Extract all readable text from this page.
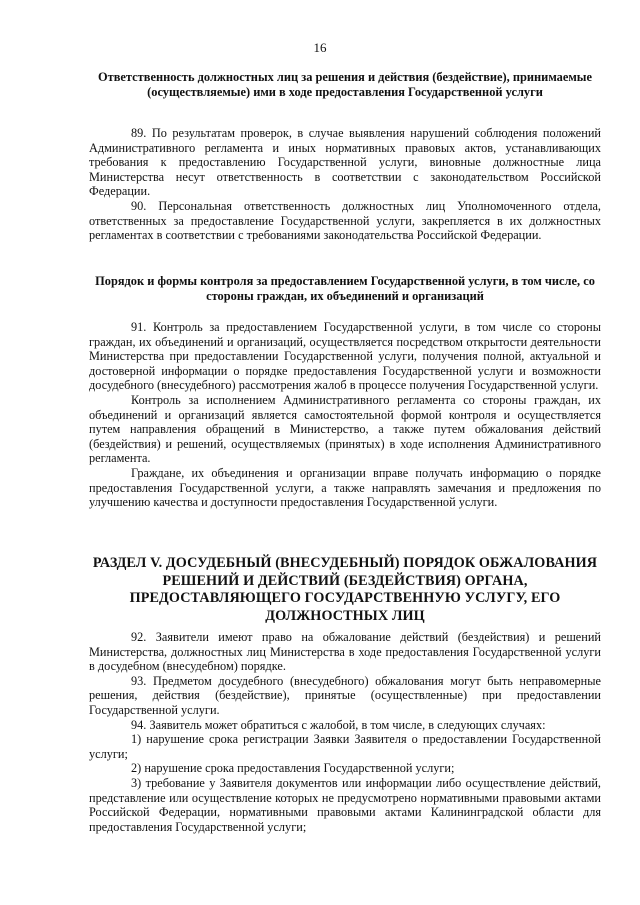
16

Ответственность должностных лиц за решения и действия (бездействие), принимаемые (осуществляемые) ими в ходе предоставления Государственной услуги

89. По результатам проверок, в случае выявления нарушений соблюдения положений Административного регламента и иных нормативных правовых актов, устанавливающих требования к предоставлению Государственной услуги, виновные должностные лица Министерства несут ответственность в соответствии с законодательством Российской Федерации.

90. Персональная ответственность должностных лиц Уполномоченного отдела, ответственных за предоставление Государственной услуги, закрепляется в их должностных регламентах в соответствии с требованиями законодательства Российской Федерации.

Порядок и формы контроля за предоставлением Государственной услуги, в том числе, со стороны граждан, их объединений и организаций

91. Контроль за предоставлением Государственной услуги, в том числе со стороны граждан, их объединений и организаций, осуществляется посредством открытости деятельности Министерства при предоставлении Государственной услуги, получения полной, актуальной и достоверной информации о порядке предоставления Государственной услуги и возможности досудебного (внесудебного) рассмотрения жалоб в процессе получения Государственной услуги.

Контроль за исполнением Административного регламента со стороны граждан, их объединений и организаций является самостоятельной формой контроля и осуществляется путем направления обращений в Министерство, а также путем обжалования действий (бездействия) и решений, осуществляемых (принятых) в ходе исполнения Административного регламента.

Граждане, их объединения и организации вправе получать информацию о порядке предоставления Государственной услуги, а также направлять замечания и предложения по улучшению качества и доступности предоставления Государственной услуги.

РАЗДЕЛ V. ДОСУДЕБНЫЙ (ВНЕСУДЕБНЫЙ) ПОРЯДОК ОБЖАЛОВАНИЯ РЕШЕНИЙ И ДЕЙСТВИЙ (БЕЗДЕЙСТВИЯ) ОРГАНА, ПРЕДОСТАВЛЯЮЩЕГО ГОСУДАРСТВЕННУЮ УСЛУГУ, ЕГО ДОЛЖНОСТНЫХ ЛИЦ

92. Заявители имеют право на обжалование действий (бездействия) и решений Министерства, должностных лиц Министерства в ходе предоставления Государственной услуги в досудебном (внесудебном) порядке.

93. Предметом досудебного (внесудебного) обжалования могут быть неправомерные решения, действия (бездействие), принятые (осуществленные) при предоставлении Государственной услуги.

94. Заявитель может обратиться с жалобой, в том числе, в следующих случаях:

1) нарушение срока регистрации Заявки Заявителя о предоставлении Государственной услуги;

2) нарушение срока предоставления Государственной услуги;

3) требование у Заявителя документов или информации либо осуществление действий, представление или осуществление которых не предусмотрено нормативными правовыми актами Российской Федерации, нормативными правовыми актами Калининградской области для предоставления Государственной услуги;
